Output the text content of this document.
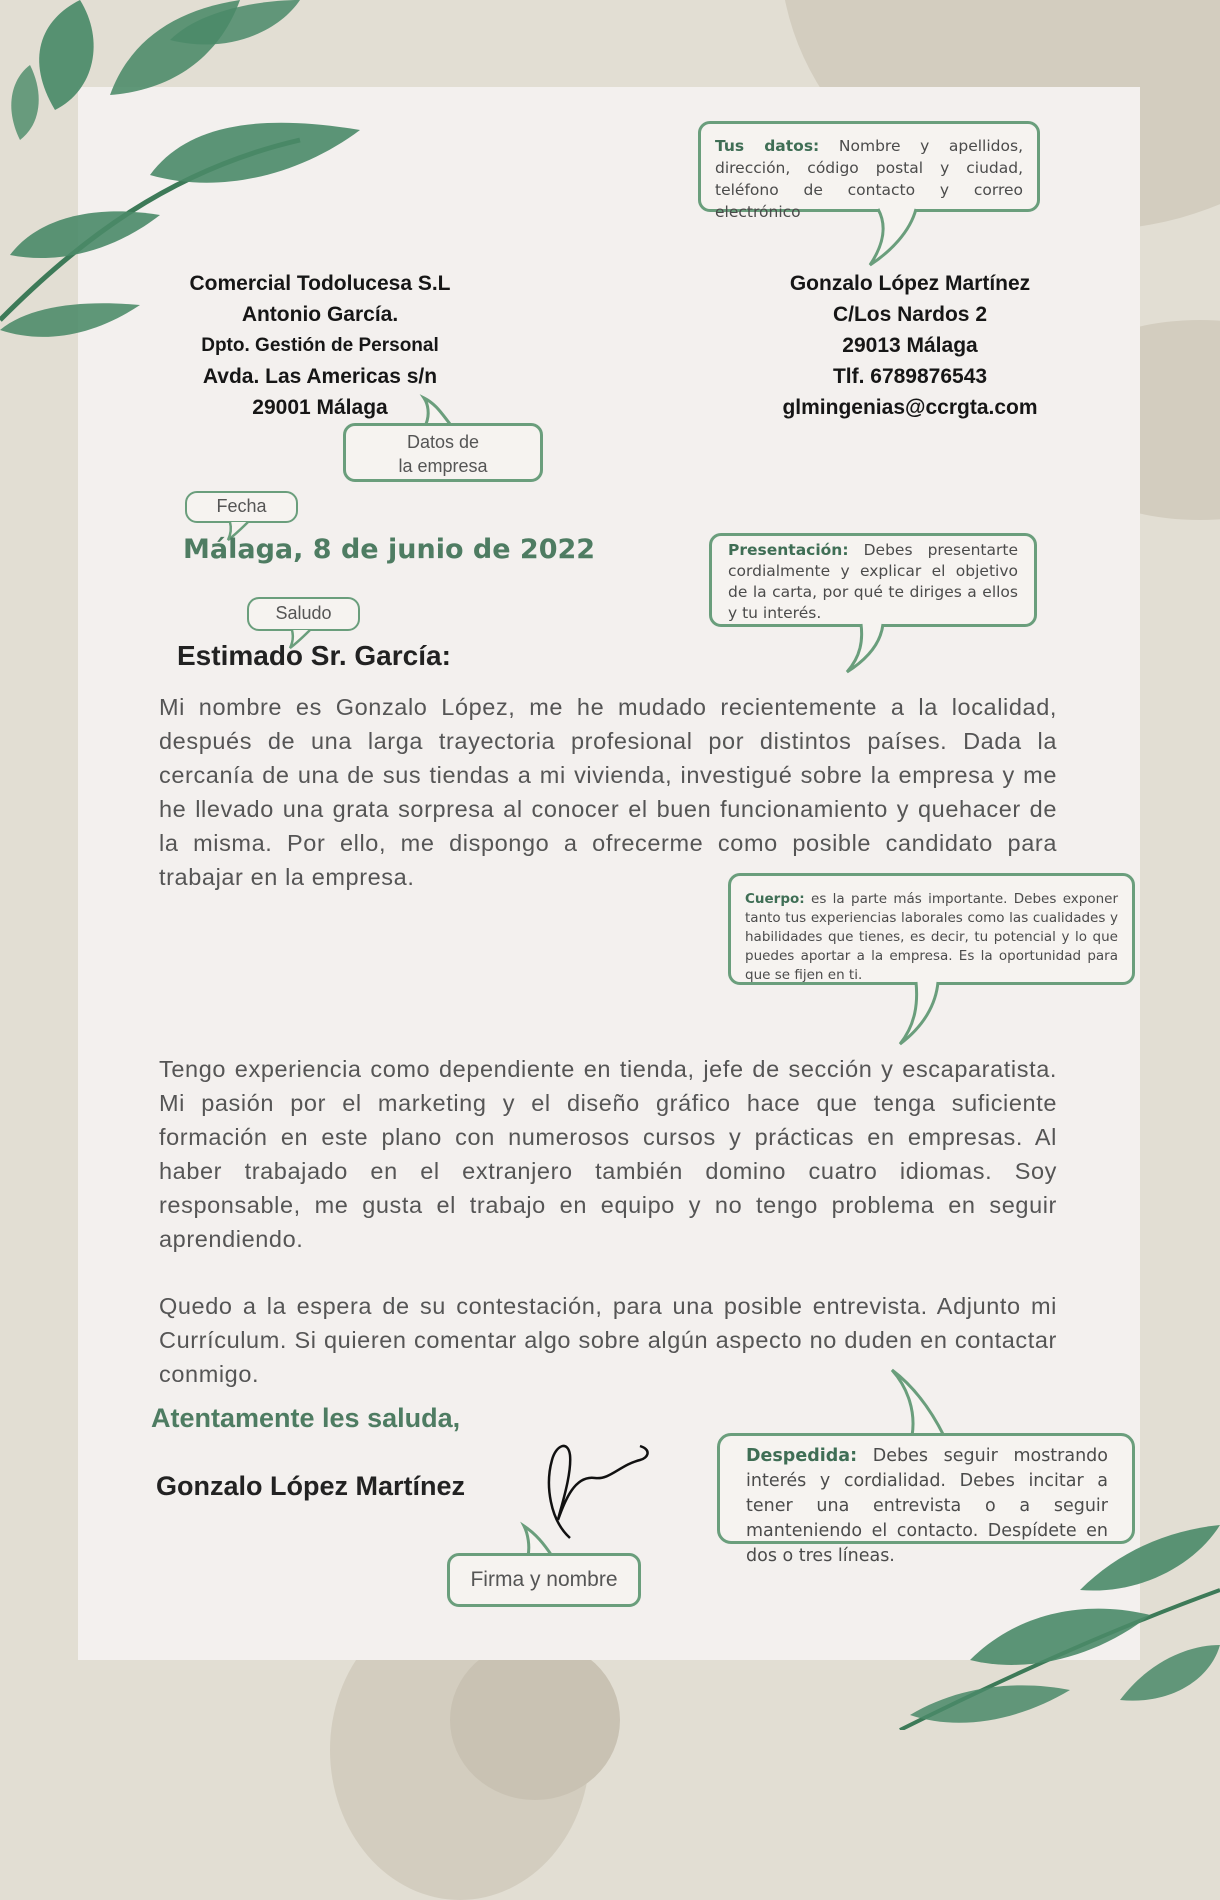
Tus datos: Nombre y apellidos, dirección, código postal y ciudad, teléfono de contacto y correo electrónico
Comercial Todolucesa S.L
Antonio García.
Dpto. Gestión de Personal
Avda. Las Americas s/n
29001 Málaga
Gonzalo López Martínez
C/Los Nardos 2
29013 Málaga
Tlf. 6789876543
glmingenias@ccrgta.com
Datos de
la empresa
Fecha
Málaga, 8 de junio de 2022	Presentación: Debes presentarte cordialmente y explicar el objetivo de la carta, por qué te diriges a ellos y tu interés.
Saludo
Estimado Sr. García:
Mi nombre es Gonzalo López, me he mudado recientemente a la localidad, después de una larga trayectoria profesional por distintos países. Dada la cercanía de una de sus tiendas a mi vivienda, investigué sobre la empresa y me he llevado una grata sorpresa al conocer el buen funcionamiento y quehacer de la misma. Por ello, me dispongo a ofrecerme como posible candidato para trabajar en la empresa.
Cuerpo: es la parte más importante. Debes exponer tanto tus experiencias laborales como las cualidades y habilidades que tienes, es decir, tu potencial y lo que puedes aportar a la empresa. Es la oportunidad para que se fijen en ti.
Tengo experiencia como dependiente en tienda, jefe de sección y escaparatista. Mi pasión por el marketing y el diseño gráfico hace que tenga suficiente formación en este plano con numerosos cursos y prácticas en empresas. Al haber trabajado en el extranjero también domino cuatro idiomas. Soy responsable, me gusta el trabajo en equipo y no tengo problema en seguir aprendiendo.
Quedo a la espera de su contestación, para una posible entrevista. Adjunto mi Currículum. Si quieren comentar algo sobre algún aspecto no duden en contactar conmigo.
Atentamente les saluda,
Gonzalo López Martínez
Despedida: Debes seguir mostrando interés y cordialidad. Debes incitar a tener una entrevista o a seguir manteniendo el contacto. Despídete en dos o tres líneas.
Firma y nombre
